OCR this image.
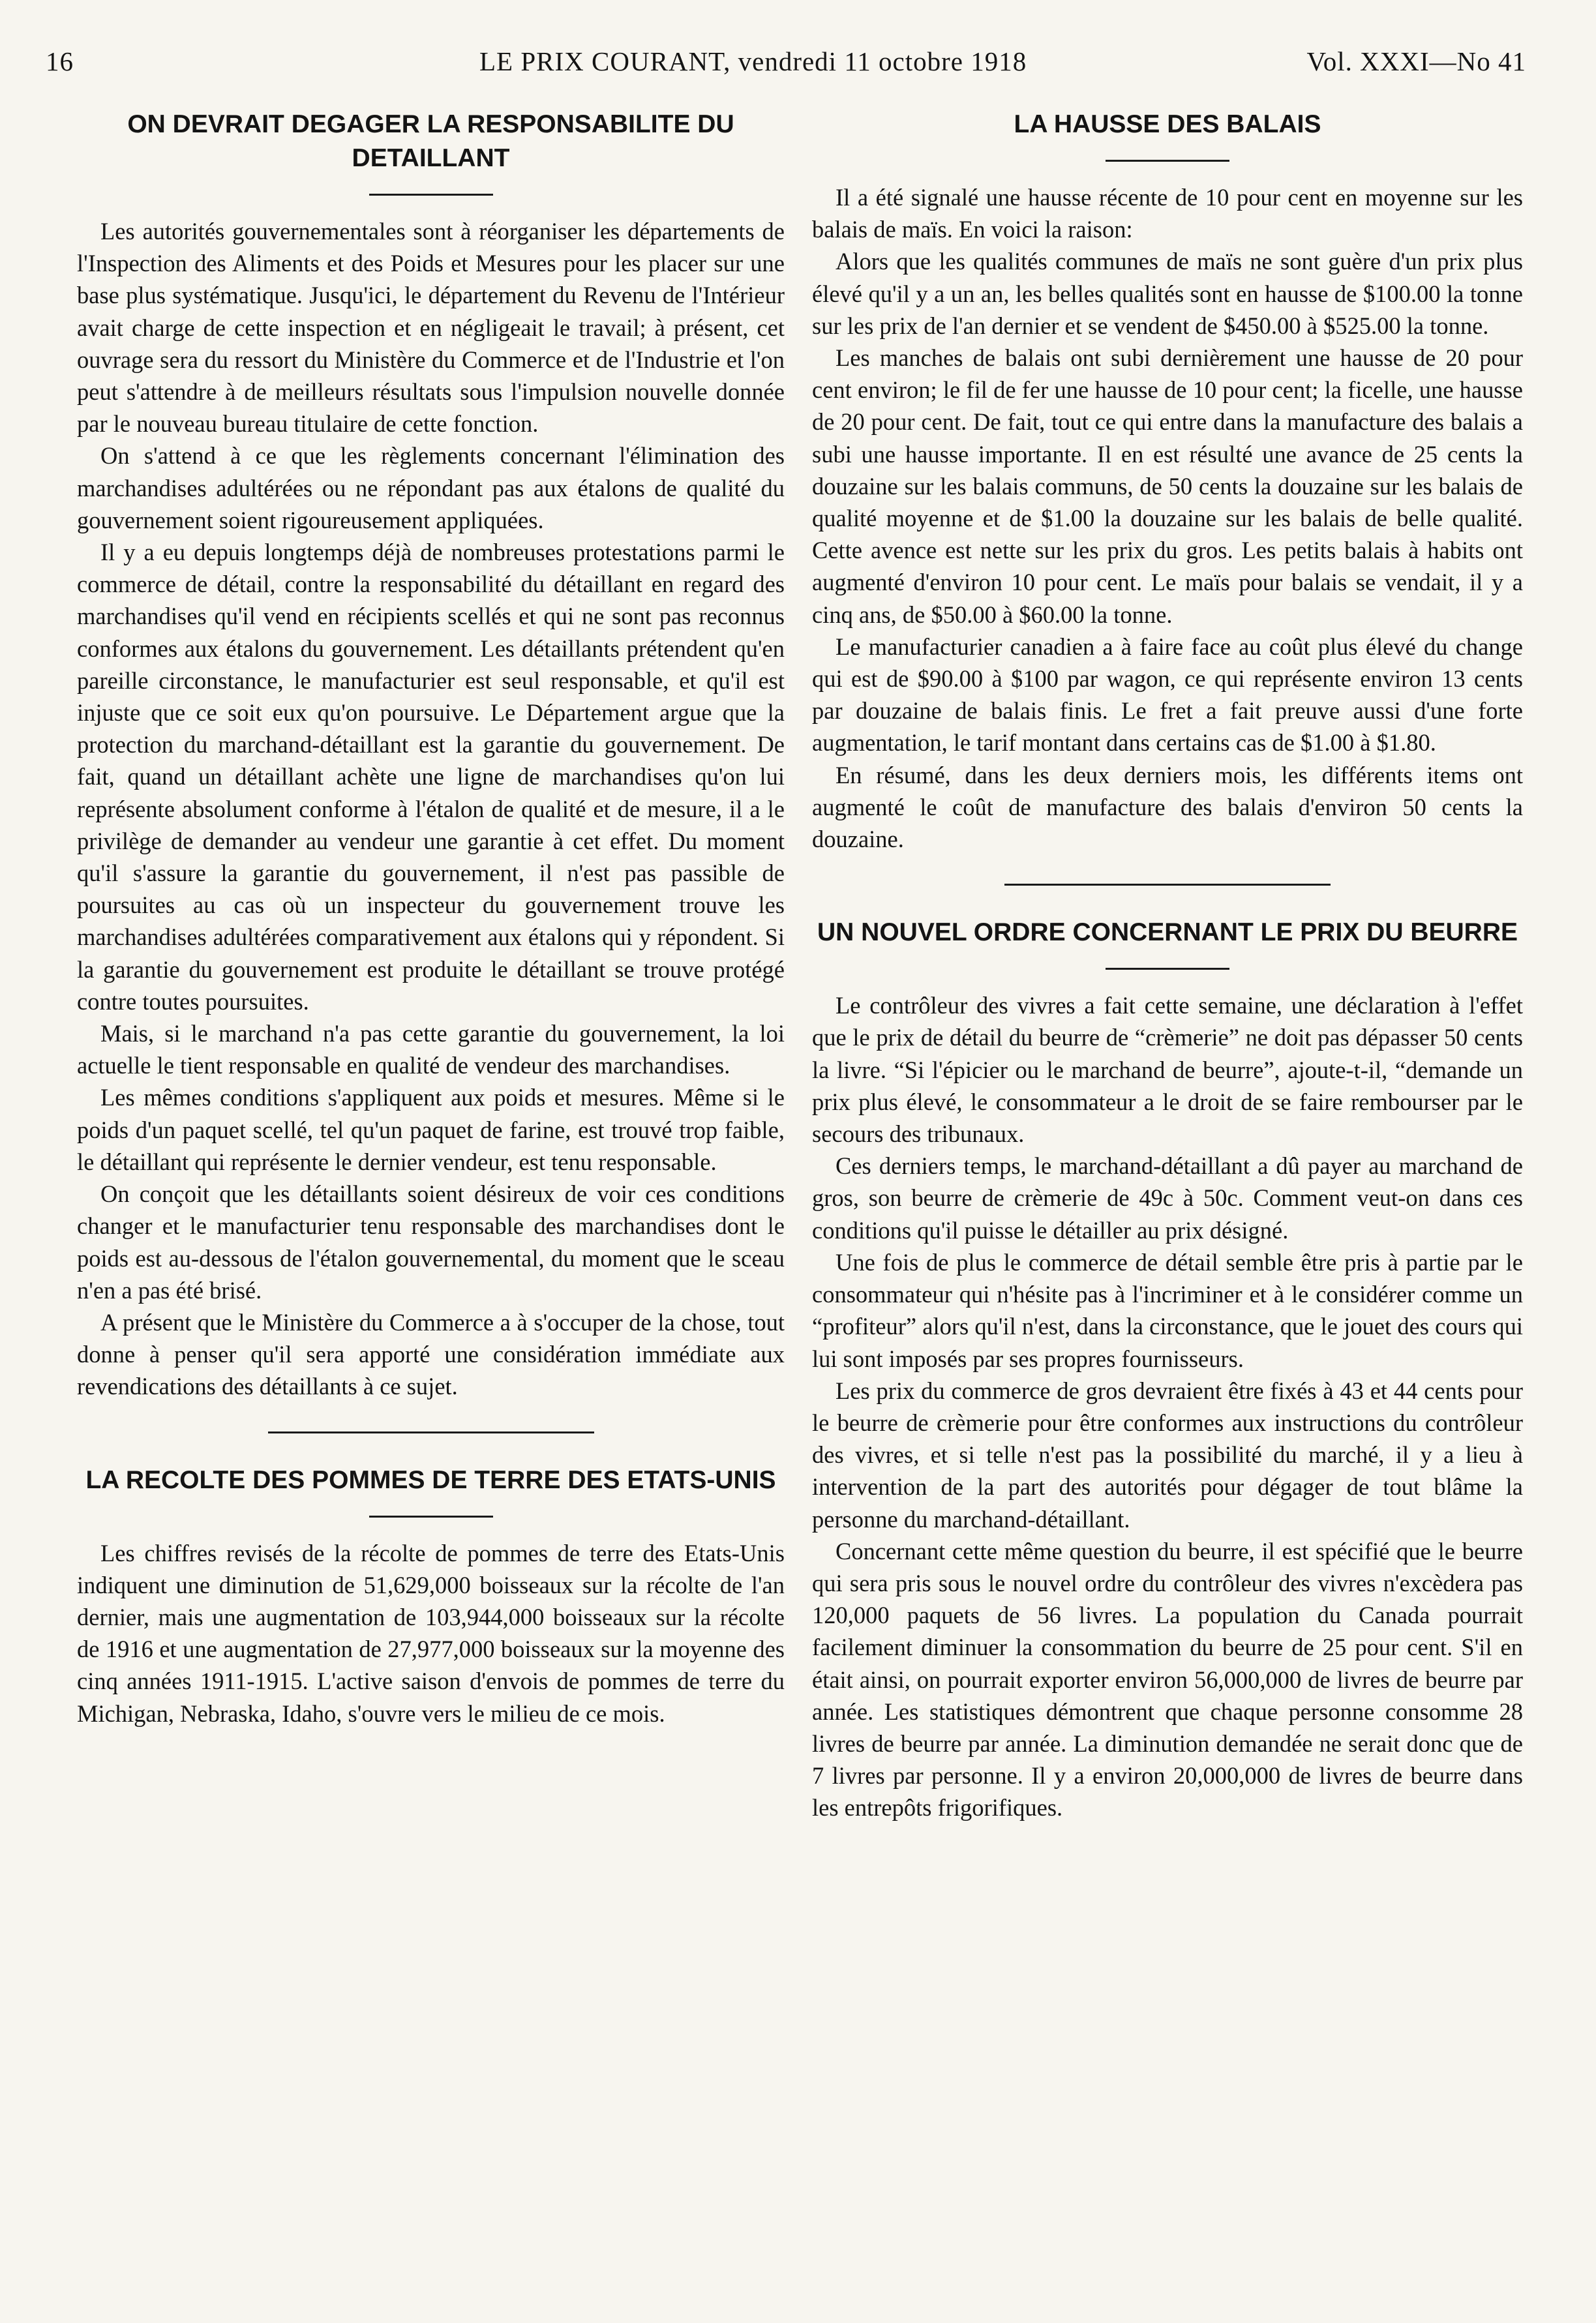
16	LE PRIX COURANT, vendredi 11 octobre 1918	Vol. XXXI—No 41
ON DEVRAIT DEGAGER LA RESPONSABILITE DU DETAILLANT

Les autorités gouvernementales sont à réorganiser les départements de l'Inspection des Aliments et des Poids et Mesures pour les placer sur une base plus systématique. Jusqu'ici, le département du Revenu de l'Intérieur avait charge de cette inspection et en négligeait le travail; à présent, cet ouvrage sera du ressort du Ministère du Commerce et de l'Industrie et l'on peut s'attendre à de meilleurs résultats sous l'impulsion nouvelle donnée par le nouveau bureau titulaire de cette fonction.

On s'attend à ce que les règlements concernant l'élimination des marchandises adultérées ou ne répondant pas aux étalons de qualité du gouvernement soient rigoureusement appliquées.

Il y a eu depuis longtemps déjà de nombreuses protestations parmi le commerce de détail, contre la responsabilité du détaillant en regard des marchandises qu'il vend en récipients scellés et qui ne sont pas reconnus conformes aux étalons du gouvernement. Les détaillants prétendent qu'en pareille circonstance, le manufacturier est seul responsable, et qu'il est injuste que ce soit eux qu'on poursuive. Le Département argue que la protection du marchand-détaillant est la garantie du gouvernement. De fait, quand un détaillant achète une ligne de marchandises qu'on lui représente absolument conforme à l'étalon de qualité et de mesure, il a le privilège de demander au vendeur une garantie à cet effet. Du moment qu'il s'assure la garantie du gouvernement, il n'est pas passible de poursuites au cas où un inspecteur du gouvernement trouve les marchandises adultérées comparativement aux étalons qui y répondent. Si la garantie du gouvernement est produite le détaillant se trouve protégé contre toutes poursuites.

Mais, si le marchand n'a pas cette garantie du gouvernement, la loi actuelle le tient responsable en qualité de vendeur des marchandises.

Les mêmes conditions s'appliquent aux poids et mesures. Même si le poids d'un paquet scellé, tel qu'un paquet de farine, est trouvé trop faible, le détaillant qui représente le dernier vendeur, est tenu responsable.

On conçoit que les détaillants soient désireux de voir ces conditions changer et le manufacturier tenu responsable des marchandises dont le poids est au-dessous de l'étalon gouvernemental, du moment que le sceau n'en a pas été brisé.

A présent que le Ministère du Commerce a à s'occuper de la chose, tout donne à penser qu'il sera apporté une considération immédiate aux revendications des détaillants à ce sujet.

LA RECOLTE DES POMMES DE TERRE DES ETATS-UNIS

Les chiffres revisés de la récolte de pommes de terre des Etats-Unis indiquent une diminution de 51,629,000 boisseaux sur la récolte de l'an dernier, mais une augmentation de 103,944,000 boisseaux sur la récolte de 1916 et une augmentation de 27,977,000 boisseaux sur la moyenne des cinq années 1911-1915. L'active saison d'envois de pommes de terre du Michigan, Nebraska, Idaho, s'ouvre vers le milieu de ce mois.

LA HAUSSE DES BALAIS

Il a été signalé une hausse récente de 10 pour cent en moyenne sur les balais de maïs. En voici la raison:

Alors que les qualités communes de maïs ne sont guère d'un prix plus élevé qu'il y a un an, les belles qualités sont en hausse de $100.00 la tonne sur les prix de l'an dernier et se vendent de $450.00 à $525.00 la tonne.

Les manches de balais ont subi dernièrement une hausse de 20 pour cent environ; le fil de fer une hausse de 10 pour cent; la ficelle, une hausse de 20 pour cent. De fait, tout ce qui entre dans la manufacture des balais a subi une hausse importante. Il en est résulté une avance de 25 cents la douzaine sur les balais communs, de 50 cents la douzaine sur les balais de qualité moyenne et de $1.00 la douzaine sur les balais de belle qualité. Cette avence est nette sur les prix du gros. Les petits balais à habits ont augmenté d'environ 10 pour cent. Le maïs pour balais se vendait, il y a cinq ans, de $50.00 à $60.00 la tonne.

Le manufacturier canadien a à faire face au coût plus élevé du change qui est de $90.00 à $100 par wagon, ce qui représente environ 13 cents par douzaine de balais finis. Le fret a fait preuve aussi d'une forte augmentation, le tarif montant dans certains cas de $1.00 à $1.80.

En résumé, dans les deux derniers mois, les différents items ont augmenté le coût de manufacture des balais d'environ 50 cents la douzaine.

UN NOUVEL ORDRE CONCERNANT LE PRIX DU BEURRE

Le contrôleur des vivres a fait cette semaine, une déclaration à l'effet que le prix de détail du beurre de “crèmerie” ne doit pas dépasser 50 cents la livre. “Si l'épicier ou le marchand de beurre”, ajoute-t-il, “demande un prix plus élevé, le consommateur a le droit de se faire rembourser par le secours des tribunaux.

Ces derniers temps, le marchand-détaillant a dû payer au marchand de gros, son beurre de crèmerie de 49c à 50c. Comment veut-on dans ces conditions qu'il puisse le détailler au prix désigné.

Une fois de plus le commerce de détail semble être pris à partie par le consommateur qui n'hésite pas à l'incriminer et à le considérer comme un “profiteur” alors qu'il n'est, dans la circonstance, que le jouet des cours qui lui sont imposés par ses propres fournisseurs.

Les prix du commerce de gros devraient être fixés à 43 et 44 cents pour le beurre de crèmerie pour être conformes aux instructions du contrôleur des vivres, et si telle n'est pas la possibilité du marché, il y a lieu à intervention de la part des autorités pour dégager de tout blâme la personne du marchand-détaillant.

Concernant cette même question du beurre, il est spécifié que le beurre qui sera pris sous le nouvel ordre du contrôleur des vivres n'excèdera pas 120,000 paquets de 56 livres. La population du Canada pourrait facilement diminuer la consommation du beurre de 25 pour cent. S'il en était ainsi, on pourrait exporter environ 56,000,000 de livres de beurre par année. Les statistiques démontrent que chaque personne consomme 28 livres de beurre par année. La diminution demandée ne serait donc que de 7 livres par personne. Il y a environ 20,000,000 de livres de beurre dans les entrepôts frigorifiques.
